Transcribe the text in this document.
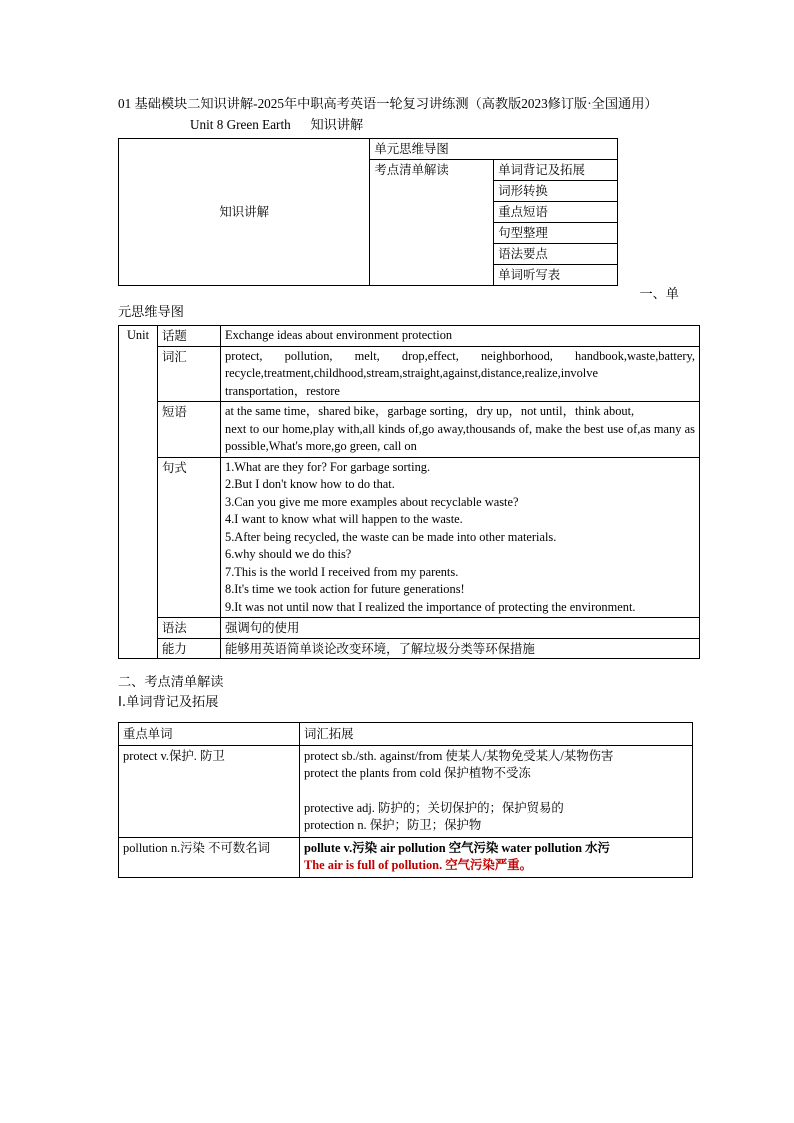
01 基础模块二知识讲解-2025年中职高考英语一轮复习讲练测（高教版2023修订版·全国通用）
Unit 8 Green Earth      知识讲解
知识讲解	单元思维导图	
	考点清单解读	单词背记及拓展
		词形转换
		重点短语
		句型整理
		语法要点
		单词听写表
一、单
元思维导图
Unit	话题	Exchange ideas about environment protection
	词汇	protect, pollution, melt, drop,effect, neighborhood, handbook,waste,battery, recycle,treatment,childhood,stream,straight,against,distance,realize,involve
transportation，restore

	短语	at the same time，shared bike，garbage sorting，dry up，not until，think about,
next to our home,play with,all kinds of,go away,thousands of, make the best use of,as many as possible,What's more,go green, call on

句式	1.What are they for? For garbage sorting.
2.But I don't know how to do that.
3.Can you give me more examples about recyclable waste?
4.I want to know what will happen to the waste.
5.After being recycled, the waste can be made into other materials.
6.why should we do this?
7.This is the world I received from my parents.
8.It's time we took action for future generations!
9.It was not until now that I realized the importance of protecting the environment.

	语法	强调句的使用
	能力	能够用英语简单谈论改变环境，了解垃圾分类等环保措施
二、考点清单解读
I.单词背记及拓展
重点单词	词汇拓展
protect v.保护. 防卫	protect sb./sth. against/from 使某人/某物免受某人/某物伤害
protect the plants from cold 保护植物不受冻
protective adj. 防护的；关切保护的；保护贸易的
protection n. 保护；防卫；保护物

pollution n.污染 不可数名词	pollute v.污染 air pollution 空气污染 water pollution 水污
The air is full of pollution. 空气污染严重。
